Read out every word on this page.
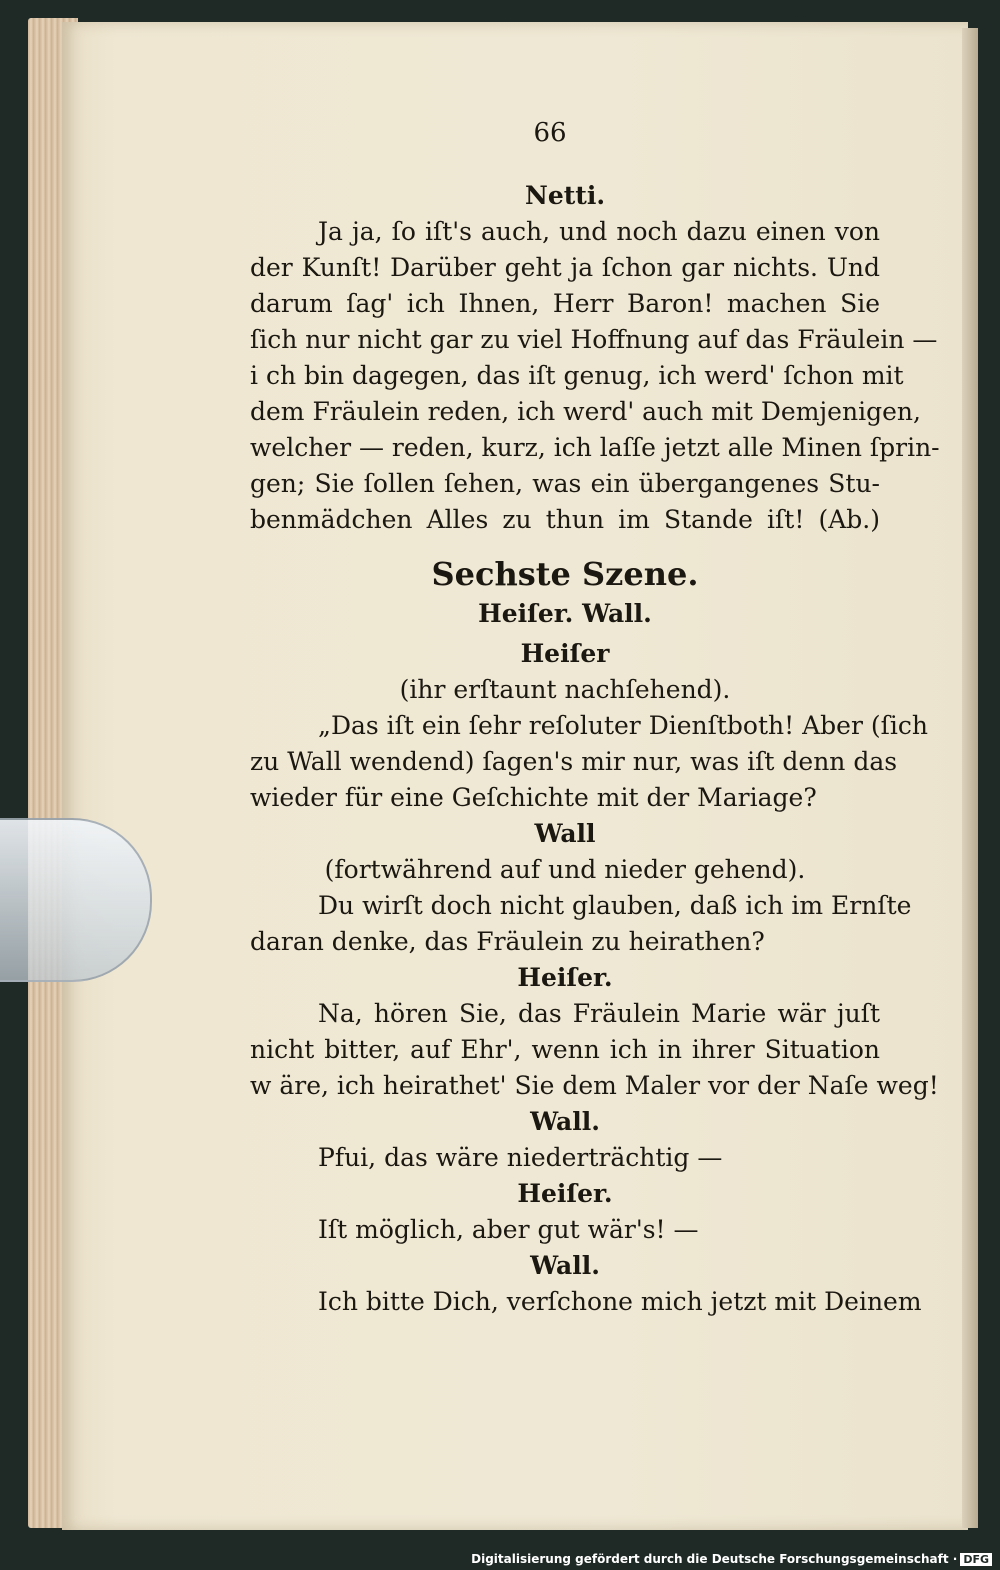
66
Netti.
Ja ja, ſo iſt's auch, und noch dazu einen von
der Kunſt! Darüber geht ja ſchon gar nichts. Und
darum ſag' ich Ihnen, Herr Baron! machen Sie
ſich nur nicht gar zu viel Hoffnung auf das Fräulein —
i ch bin dagegen, das iſt genug, ich werd' ſchon mit
dem Fräulein reden, ich werd' auch mit Demjenigen,
welcher — reden, kurz, ich laſſe jetzt alle Minen ſprin-
gen; Sie ſollen ſehen, was ein übergangenes Stu-
benmädchen Alles zu thun im Stande iſt! (Ab.)
Sechste Szene.
Heiſer. Wall.
Heiſer
(ihr erſtaunt nachſehend).
„Das iſt ein ſehr reſoluter Dienſtboth! Aber (ſich
zu Wall wendend) ſagen's mir nur, was iſt denn das
wieder für eine Geſchichte mit der Mariage?
Wall
(fortwährend auf und nieder gehend).
Du wirſt doch nicht glauben, daß ich im Ernſte
daran denke, das Fräulein zu heirathen?
Heiſer.
Na, hören Sie, das Fräulein Marie wär juſt
nicht bitter, auf Ehr', wenn ich in ihrer Situation
w äre, ich heirathet' Sie dem Maler vor der Naſe weg!
Wall.
Pfui, das wäre niederträchtig —
Heiſer.
Iſt möglich, aber gut wär's! —
Wall.
Ich bitte Dich, verſchone mich jetzt mit Deinem
Digitalisierung gefördert durch die Deutsche Forschungsgemeinschaft · DFG
